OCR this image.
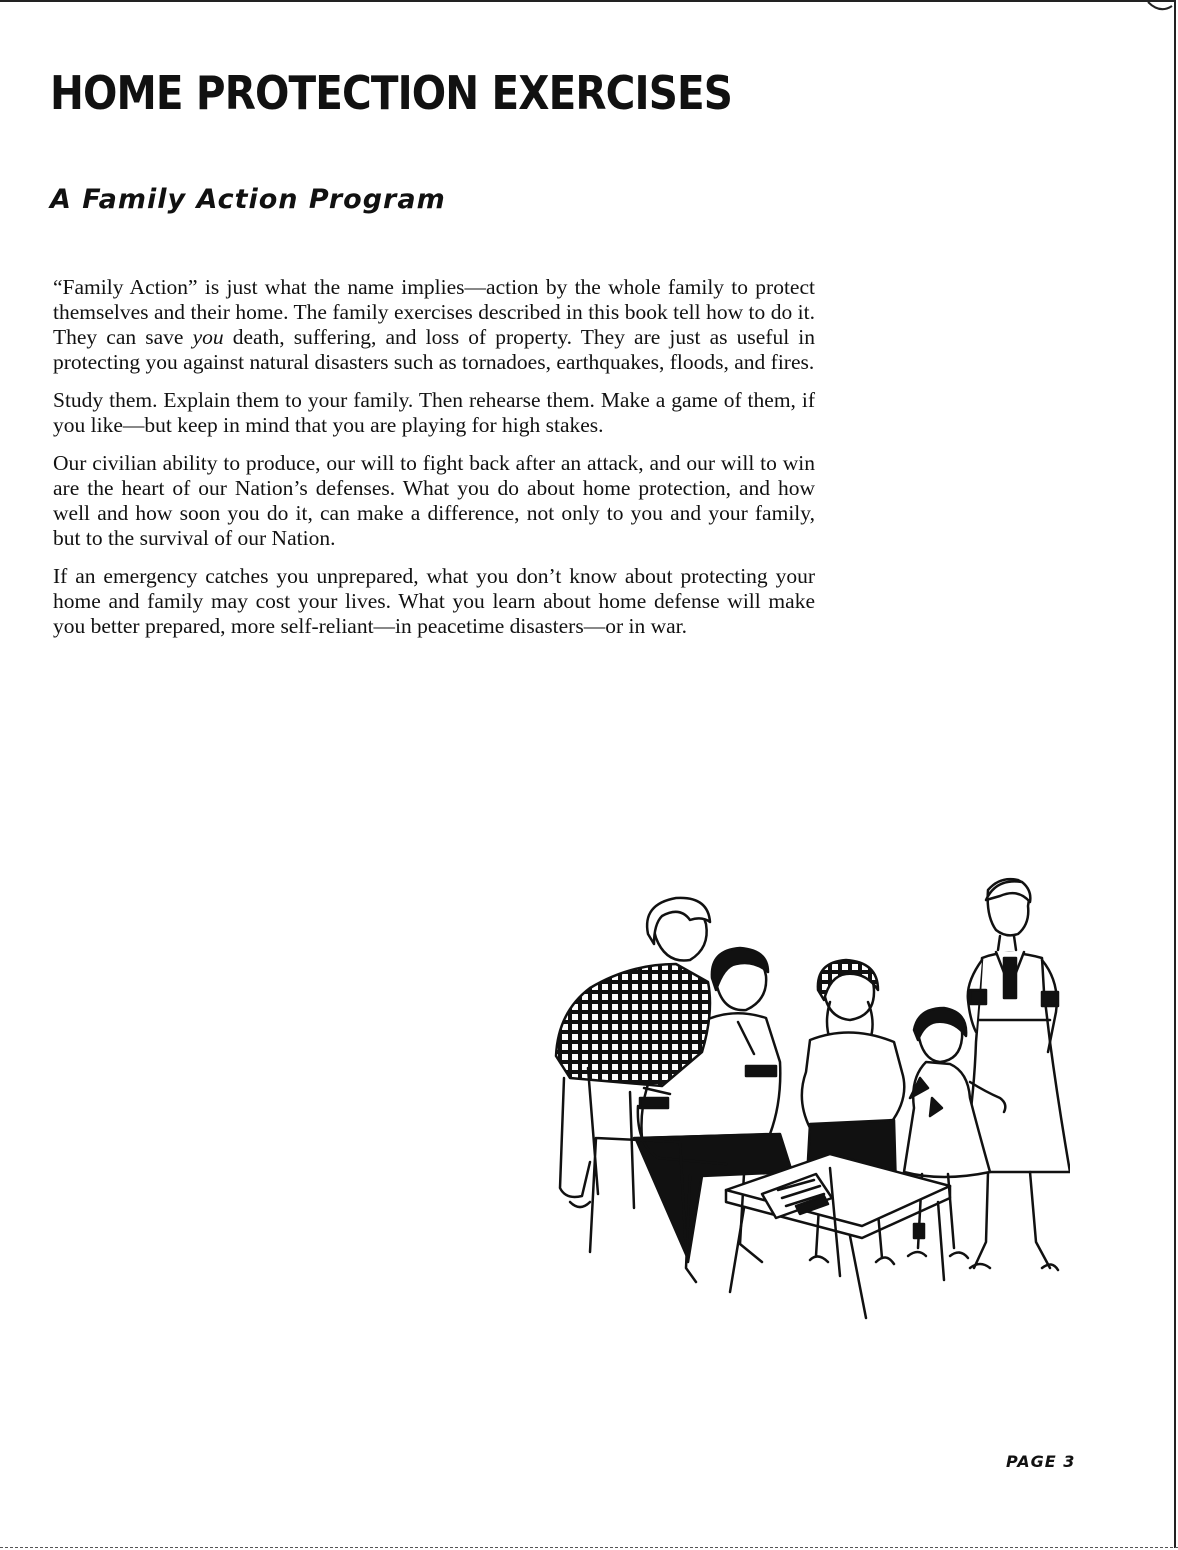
HOME PROTECTION EXERCISES
A Family Action Program

“Family Action” is just what the name implies—action by the whole family to protect themselves and their home. The family exercises described in this book tell how to do it. They can save you death, suffering, and loss of property. They are just as useful in protecting you against natural disasters such as tornadoes, earthquakes, floods, and fires.

Study them. Explain them to your family. Then rehearse them. Make a game of them, if you like—but keep in mind that you are playing for high stakes.

Our civilian ability to produce, our will to fight back after an attack, and our will to win are the heart of our Nation’s defenses. What you do about home protection, and how well and how soon you do it, can make a difference, not only to you and your family, but to the survival of our Nation.

If an emergency catches you unprepared, what you don’t know about protecting your home and family may cost your lives. What you learn about home defense will make you better prepared, more self-reliant—in peacetime disasters—or in war.

PAGE 3
